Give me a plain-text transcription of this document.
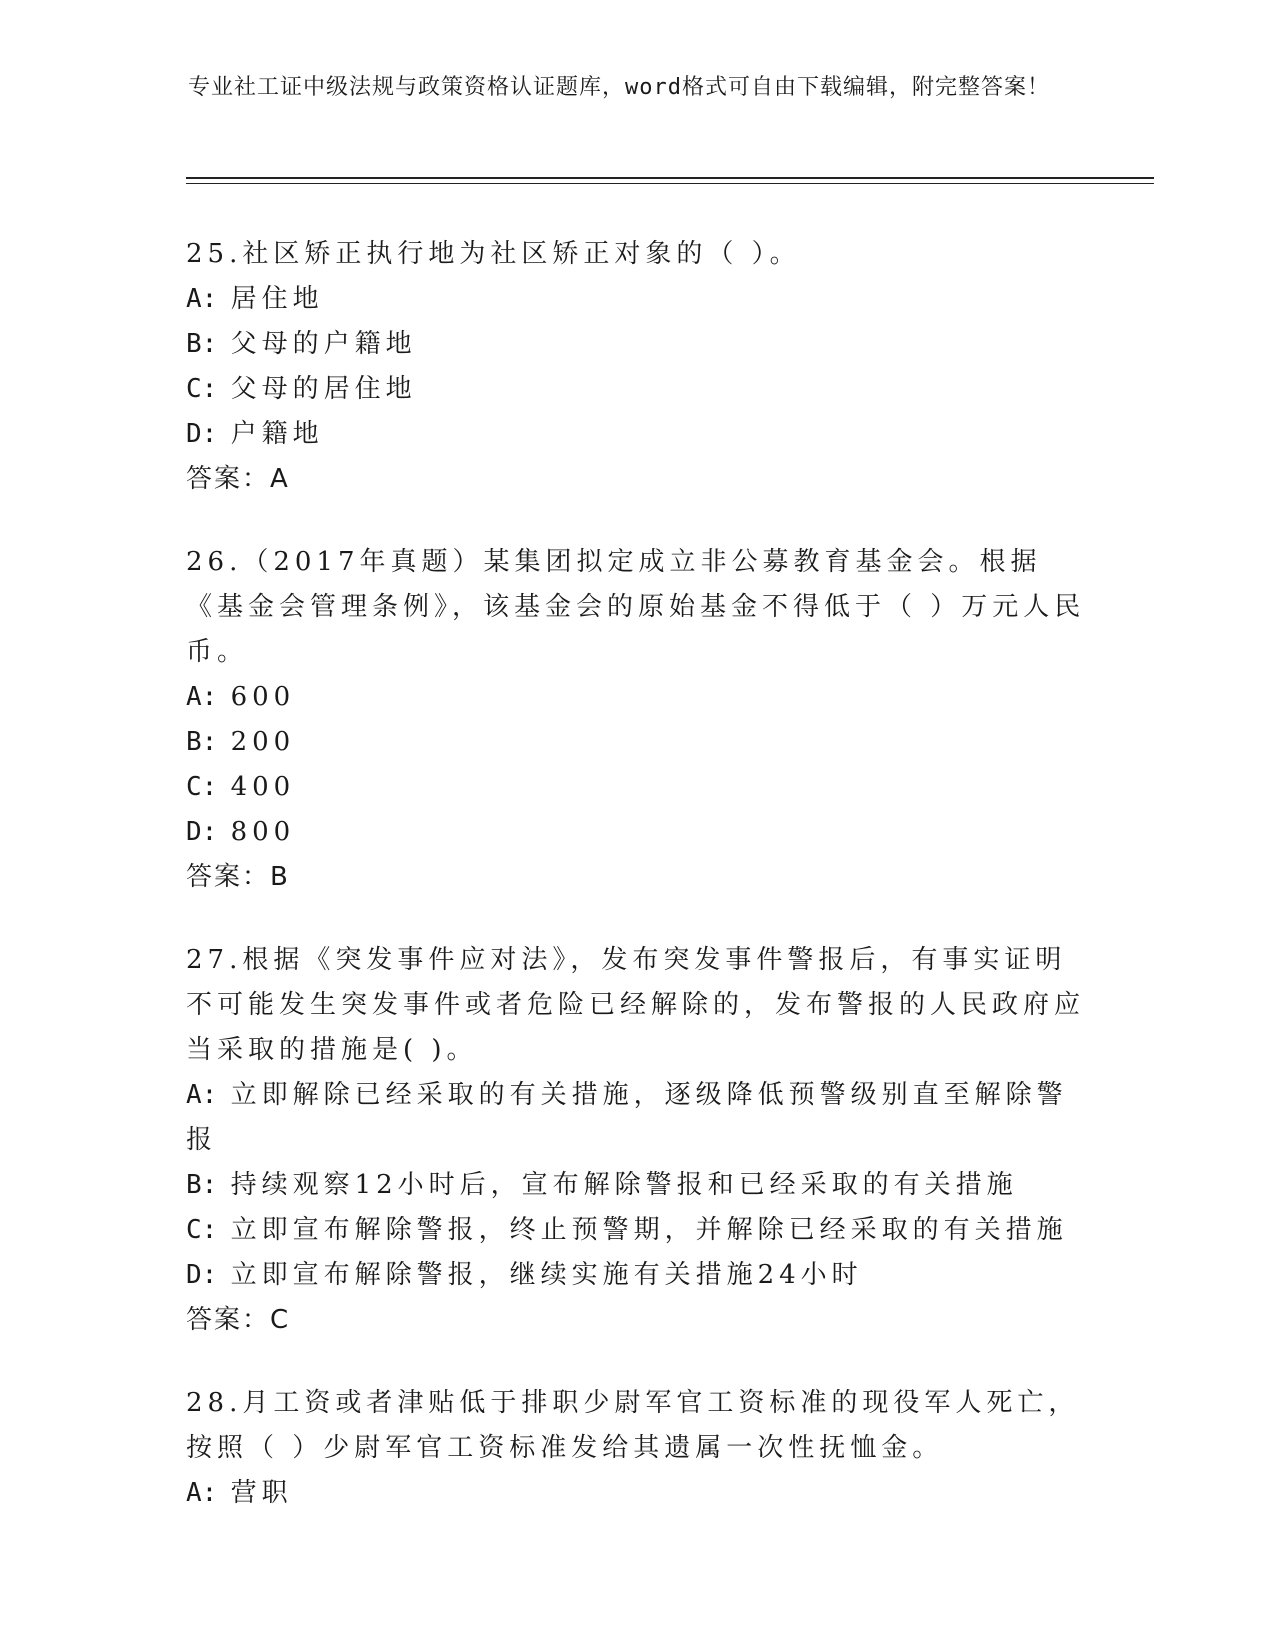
专业社工证中级法规与政策资格认证题库，word格式可自由下载编辑，附完整答案！
25.社区矫正执行地为社区矫正对象的（ ）。
A: 居住地
B: 父母的户籍地
C: 父母的居住地
D: 户籍地
答案：A
26.（2017年真题）某集团拟定成立非公募教育基金会。根据《基金会管理条例》，该基金会的原始基金不得低于（ ）万元人民币。
A: 600
B: 200
C: 400
D: 800
答案：B
27.根据《突发事件应对法》，发布突发事件警报后，有事实证明不可能发生突发事件或者危险已经解除的，发布警报的人民政府应当采取的措施是( )。
A: 立即解除已经采取的有关措施，逐级降低预警级别直至解除警报
B: 持续观察12小时后，宣布解除警报和已经采取的有关措施
C: 立即宣布解除警报，终止预警期，并解除已经采取的有关措施
D: 立即宣布解除警报，继续实施有关措施24小时
答案：C
28.月工资或者津贴低于排职少尉军官工资标准的现役军人死亡，按照（ ）少尉军官工资标准发给其遗属一次性抚恤金。
A: 营职
